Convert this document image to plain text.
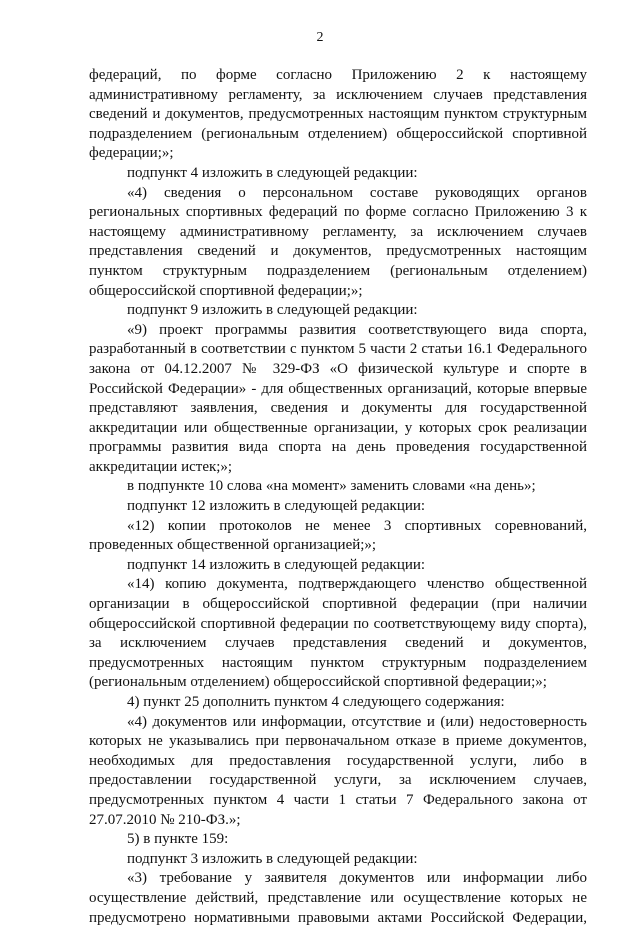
2

федераций, по форме согласно Приложению 2 к настоящему административному регламенту, за исключением случаев представления сведений и документов, предусмотренных настоящим пунктом структурным подразделением (региональным отделением) общероссийской спортивной федерации;»;

подпункт 4 изложить в следующей редакции:

«4) сведения о персональном составе руководящих органов региональных спортивных федераций по форме согласно Приложению 3 к настоящему административному регламенту, за исключением случаев представления сведений и документов, предусмотренных настоящим пунктом структурным подразделением (региональным отделением) общероссийской спортивной федерации;»;

подпункт 9 изложить в следующей редакции:

«9) проект программы развития соответствующего вида спорта, разработанный в соответствии с пунктом 5 части 2 статьи 16.1 Федерального закона от 04.12.2007 № 329-ФЗ «О физической культуре и спорте в Российской Федерации» - для общественных организаций, которые впервые представляют заявления, сведения и документы для государственной аккредитации или общественные организации, у которых срок реализации программы развития вида спорта на день проведения государственной аккредитации истек;»;

в подпункте 10 слова «на момент» заменить словами «на день»;

подпункт 12 изложить в следующей редакции:

«12) копии протоколов не менее 3 спортивных соревнований, проведенных общественной организацией;»;

подпункт 14 изложить в следующей редакции:

«14) копию документа, подтверждающего членство общественной организации в общероссийской спортивной федерации (при наличии общероссийской спортивной федерации по соответствующему виду спорта), за исключением случаев представления сведений и документов, предусмотренных настоящим пунктом структурным подразделением (региональным отделением) общероссийской спортивной федерации;»;

4) пункт 25 дополнить пунктом 4 следующего содержания:

«4) документов или информации, отсутствие и (или) недостоверность которых не указывались при первоначальном отказе в приеме документов, необходимых для предоставления государственной услуги, либо в предоставлении государственной услуги, за исключением случаев, предусмотренных пунктом 4 части 1 статьи 7 Федерального закона от 27.07.2010 № 210-ФЗ.»;

5) в пункте 159:

подпункт 3 изложить в следующей редакции:

«3) требование у заявителя документов или информации либо осуществление действий, представление или осуществление которых не предусмотрено нормативными правовыми актами Российской Федерации,
